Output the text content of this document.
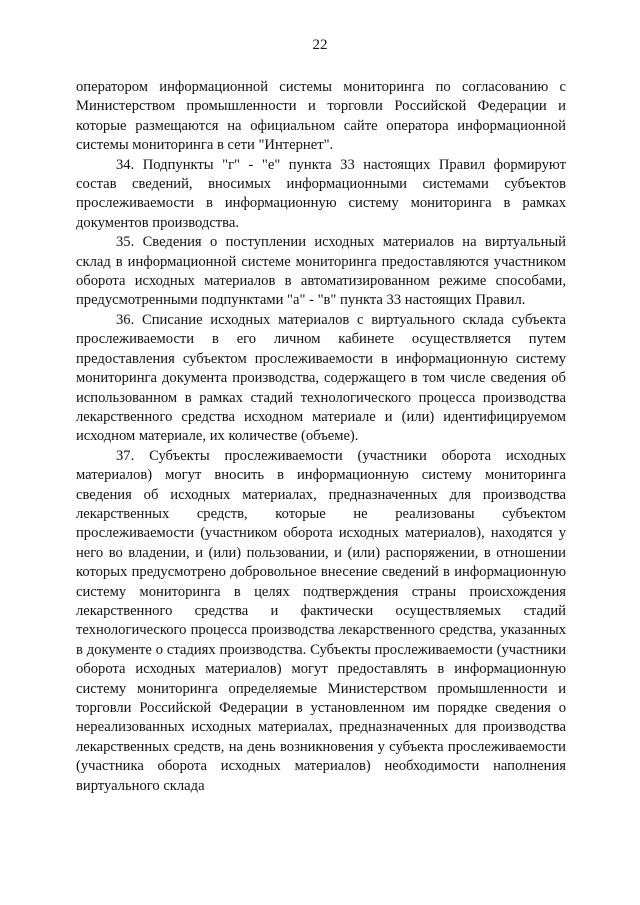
22

оператором информационной системы мониторинга по согласованию с Министерством промышленности и торговли Российской Федерации и которые размещаются на официальном сайте оператора информационной системы мониторинга в сети "Интернет".

34. Подпункты "г" - "е" пункта 33 настоящих Правил формируют состав сведений, вносимых информационными системами субъектов прослеживаемости в информационную систему мониторинга в рамках документов производства.

35. Сведения о поступлении исходных материалов на виртуальный склад в информационной системе мониторинга предоставляются участником оборота исходных материалов в автоматизированном режиме способами, предусмотренными подпунктами "а" - "в" пункта 33 настоящих Правил.

36. Списание исходных материалов с виртуального склада субъекта прослеживаемости в его личном кабинете осуществляется путем предоставления субъектом прослеживаемости в информационную систему мониторинга документа производства, содержащего в том числе сведения об использованном в рамках стадий технологического процесса производства лекарственного средства исходном материале и (или) идентифицируемом исходном материале, их количестве (объеме).

37. Субъекты прослеживаемости (участники оборота исходных материалов) могут вносить в информационную систему мониторинга сведения об исходных материалах, предназначенных для производства лекарственных средств, которые не реализованы субъектом прослеживаемости (участником оборота исходных материалов), находятся у него во владении, и (или) пользовании, и (или) распоряжении, в отношении которых предусмотрено добровольное внесение сведений в информационную систему мониторинга в целях подтверждения страны происхождения лекарственного средства и фактически осуществляемых стадий технологического процесса производства лекарственного средства, указанных в документе о стадиях производства. Субъекты прослеживаемости (участники оборота исходных материалов) могут предоставлять в информационную систему мониторинга определяемые Министерством промышленности и торговли Российской Федерации в установленном им порядке сведения о нереализованных исходных материалах, предназначенных для производства лекарственных средств, на день возникновения у субъекта прослеживаемости (участника оборота исходных материалов) необходимости наполнения виртуального склада
